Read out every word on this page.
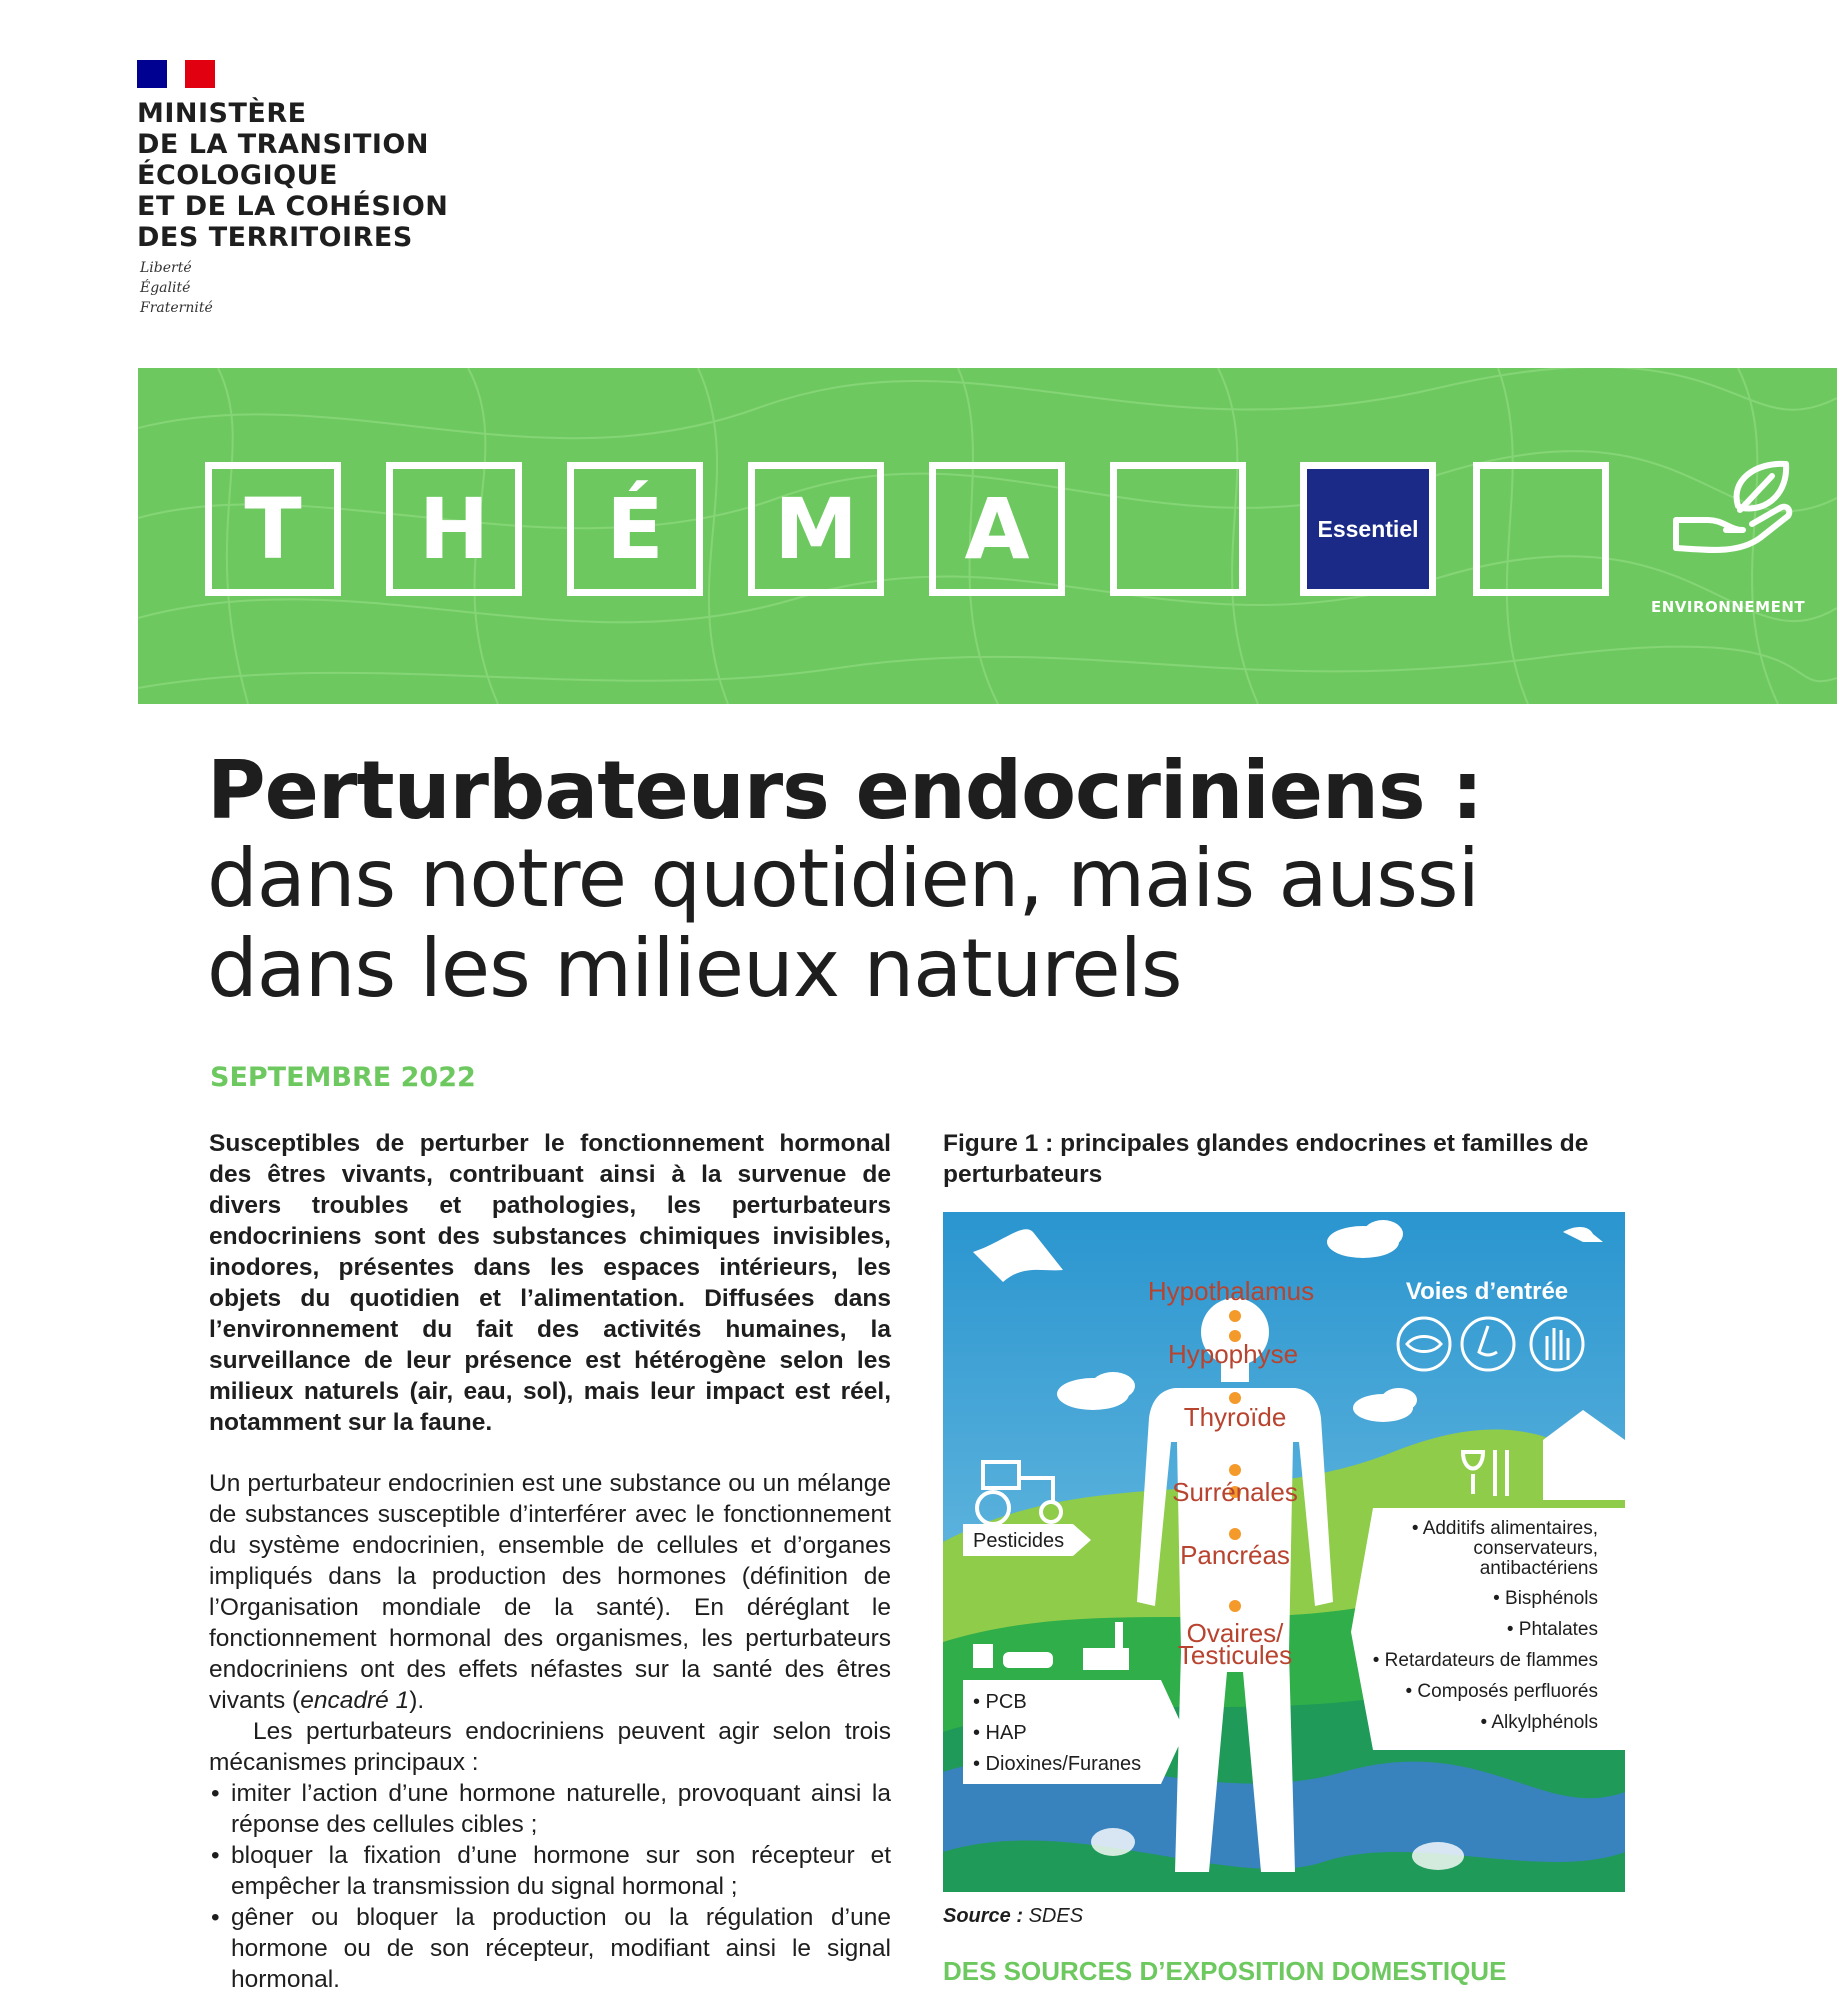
MINISTÈRE
DE LA TRANSITION
ÉCOLOGIQUE
ET DE LA COHÉSION
DES TERRITOIRES
Liberté
Égalité
Fraternité
T	H	É	M	A	Essentiel
ENVIRONNEMENT
Perturbateurs endocriniens :
dans notre quotidien, mais aussi
dans les milieux naturels
SEPTEMBRE 2022
Susceptibles de perturber le fonctionnement hormonal des êtres vivants, contribuant ainsi à la survenue de divers troubles et pathologies, les perturbateurs endocriniens sont des substances chimiques invisibles, inodores, présentes dans les espaces intérieurs, les objets du quotidien et l’alimentation. Diffusées dans l’environnement du fait des activités humaines, la surveillance de leur présence est hétérogène selon les milieux naturels (air, eau, sol), mais leur impact est réel, notamment sur la faune.

Un perturbateur endocrinien est une substance ou un mélange de substances susceptible d’interférer avec le fonctionnement du système endocrinien, ensemble de cellules et d’organes impliqués dans la production des hormones (définition de l’Organisation mondiale de la santé). En déréglant le fonctionnement hormonal des organismes, les perturbateurs endocriniens ont des effets néfastes sur la santé des êtres vivants (encadré 1).

Les perturbateurs endocriniens peuvent agir selon trois mécanismes principaux :

• imiter l’action d’une hormone naturelle, provoquant ainsi la réponse des cellules cibles ;
• bloquer la fixation d’une hormone sur son récepteur et empêcher la transmission du signal hormonal ;
• gêner ou bloquer la production ou la régulation d’une hormone ou de son récepteur, modifiant ainsi le signal hormonal.
Figure 1 : principales glandes endocrines et familles de perturbateurs
Hypothalamus
Hypophyse
Thyroïde
Surrénales
Pancréas
Ovaires/
Testicules
Voies d’entrée
Pesticides
• PCB
• HAP
• Dioxines/Furanes
• Additifs alimentaires,
conservateurs,
antibactériens
• Bisphénols
• Phtalates
• Retardateurs de flammes
• Composés perfluorés
• Alkylphénols
Source : SDES
DES SOURCES D’EXPOSITION DOMESTIQUE
